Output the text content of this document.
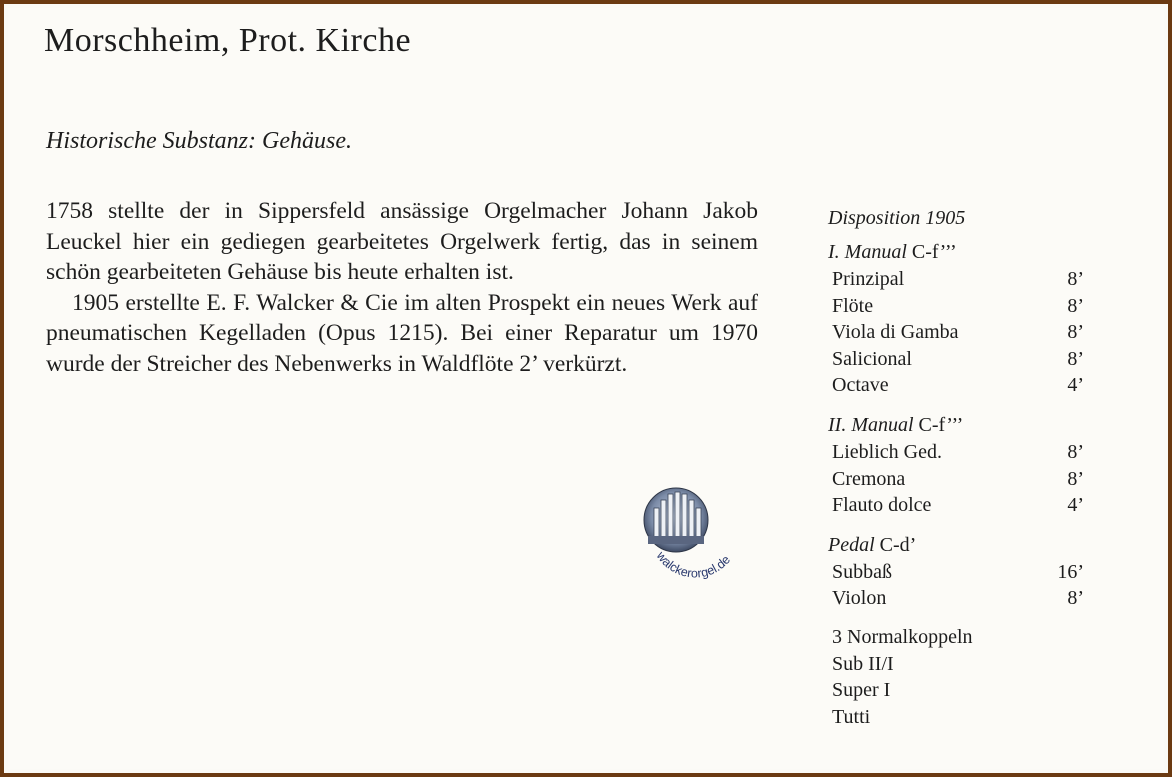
Morschheim, Prot. Kirche
Historische Substanz: Gehäuse.

1758 stellte der in Sippersfeld ansässige Orgelmacher Johann Jakob Leuckel hier ein gediegen gearbeitetes Orgelwerk fertig, das in seinem schön gearbeiteten Gehäuse bis heute erhalten ist.

1905 erstellte E. F. Walcker & Cie im alten Prospekt ein neues Werk auf pneumatischen Kegelladen (Opus 1215). Bei einer Reparatur um 1970 wurde der Streicher des Nebenwerks in Waldflöte 2’ verkürzt.

walckerorgel.de
Disposition 1905
I. Manual C-f’’’
Prinzipal	8’
Flöte	8’
Viola di Gamba	8’
Salicional	8’
Octave	4’
II. Manual C-f’’’
Lieblich Ged.	8’
Cremona	8’
Flauto dolce	4’
Pedal C-d’
Subbaß	16’
Violon	8’
3 Normalkoppeln
Sub II/I
Super I
Tutti
